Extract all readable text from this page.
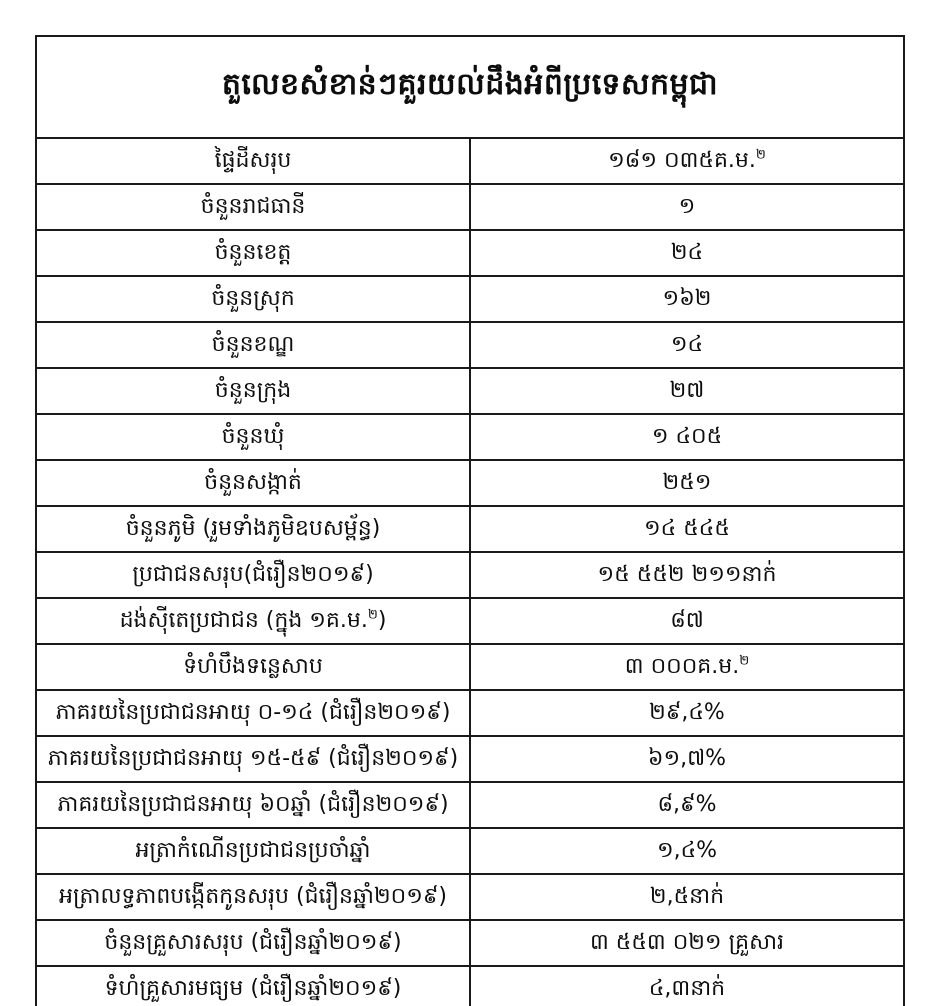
តួលេខសំខាន់ៗគួរយល់ដឹងអំពីប្រទេសកម្ពុជា	
ផ្ទៃដីសរុប	១៨១ ០៣៥គ.ម.$^២$
ចំនួនរាជធានី	១
ចំនួនខេត្ត	២៤
ចំនួនស្រុក	១៦២
ចំនួនខណ្ឌ	១៤
ចំនួនក្រុង	២៧
ចំនួនឃុំ	១ ៤០៥
ចំនួនសង្កាត់	២៥១
ចំនួនភូមិ (រួមទាំងភូមិឧបសម្ព័ន្ធ)	១៤ ៥៤៥
ប្រជាជនសរុប(ជំរឿន២០១៩)	១៥ ៥៥២ ២១១នាក់
ដង់ស៊ីតេប្រជាជន (ក្នុង ១គ.ម.$^២$)	៨៧
ទំហំបឹងទន្លេសាប	៣ ០០០គ.ម.$^២$
ភាគរយនៃប្រជាជនអាយុ ០-១៤ (ជំរឿន២០១៩)	២៩,៤%
ភាគរយនៃប្រជាជនអាយុ ១៥-៥៩ (ជំរឿន២០១៩)	៦១,៧%
ភាគរយនៃប្រជាជនអាយុ ៦០ឆ្នាំ (ជំរឿន២០១៩)	៨,៩%
អត្រាកំណើនប្រជាជនប្រចាំឆ្នាំ	១,៤%
អត្រាលទ្ធភាពបង្កើតកូនសរុប (ជំរឿនឆ្នាំ២០១៩)	២,៥នាក់
ចំនួនគ្រួសារសរុប (ជំរឿនឆ្នាំ២០១៩)	៣ ៥៥៣ ០២១ គ្រួសារ
ទំហំគ្រួសារមធ្យម (ជំរឿនឆ្នាំ២០១៩)	៤,៣នាក់
